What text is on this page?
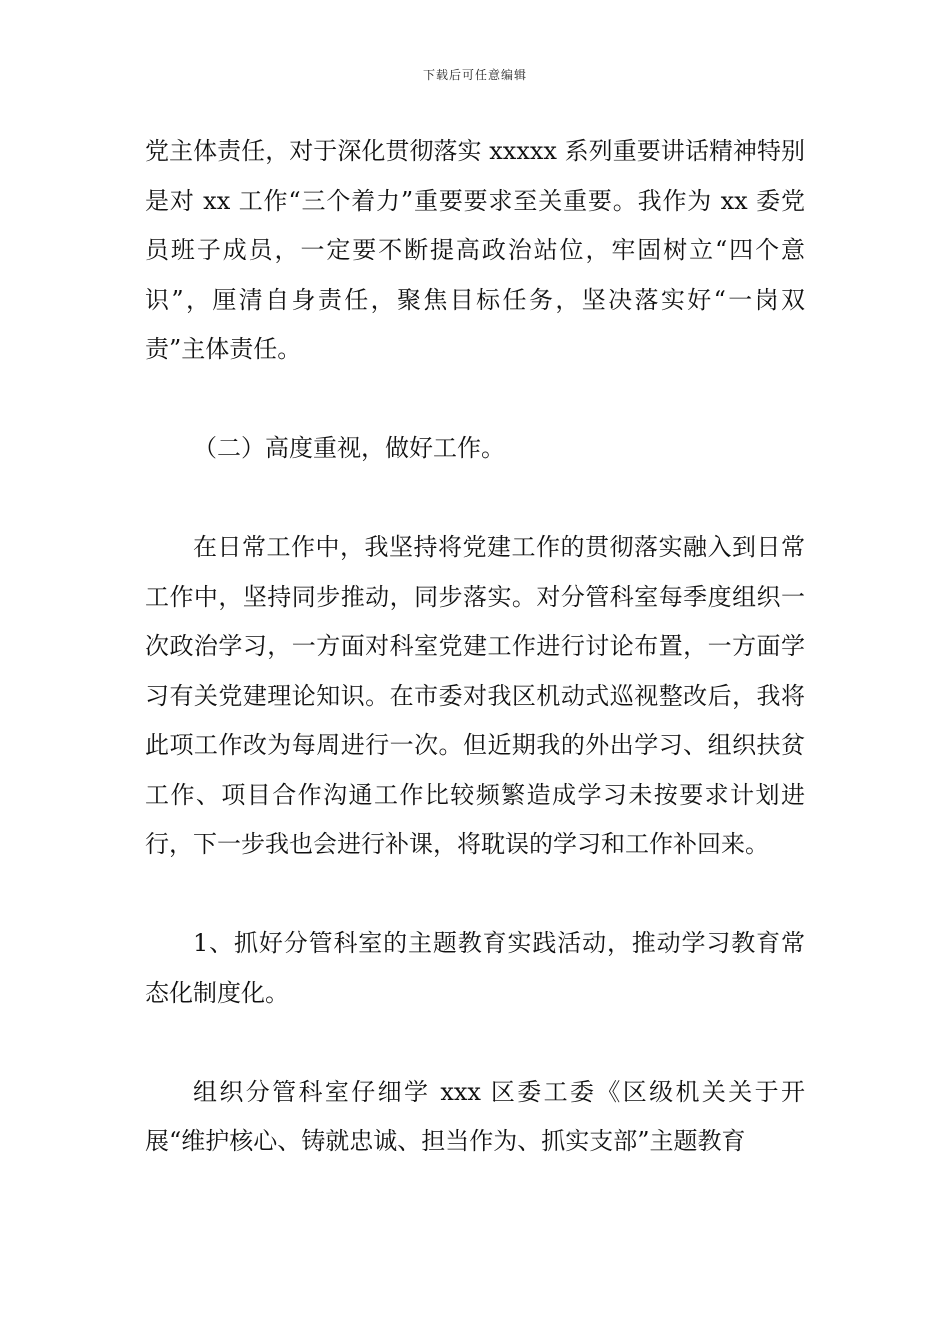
下载后可任意编辑

党主体责任，对于深化贯彻落实 xxxxx 系列重要讲话精神特别是对 xx 工作“三个着力”重要要求至关重要。我作为 xx 委党员班子成员，一定要不断提高政治站位，牢固树立“四个意识”，厘清自身责任，聚焦目标任务，坚决落实好“一岗双责”主体责任。

（二）高度重视，做好工作。

在日常工作中，我坚持将党建工作的贯彻落实融入到日常工作中，坚持同步推动，同步落实。对分管科室每季度组织一次政治学习，一方面对科室党建工作进行讨论布置，一方面学习有关党建理论知识。在市委对我区机动式巡视整改后，我将此项工作改为每周进行一次。但近期我的外出学习、组织扶贫工作、项目合作沟通工作比较频繁造成学习未按要求计划进行，下一步我也会进行补课，将耽误的学习和工作补回来。

1、抓好分管科室的主题教育实践活动，推动学习教育常态化制度化。

组织分管科室仔细学 xxx 区委工委《区级机关关于开展“维护核心、铸就忠诚、担当作为、抓实支部”主题教育
